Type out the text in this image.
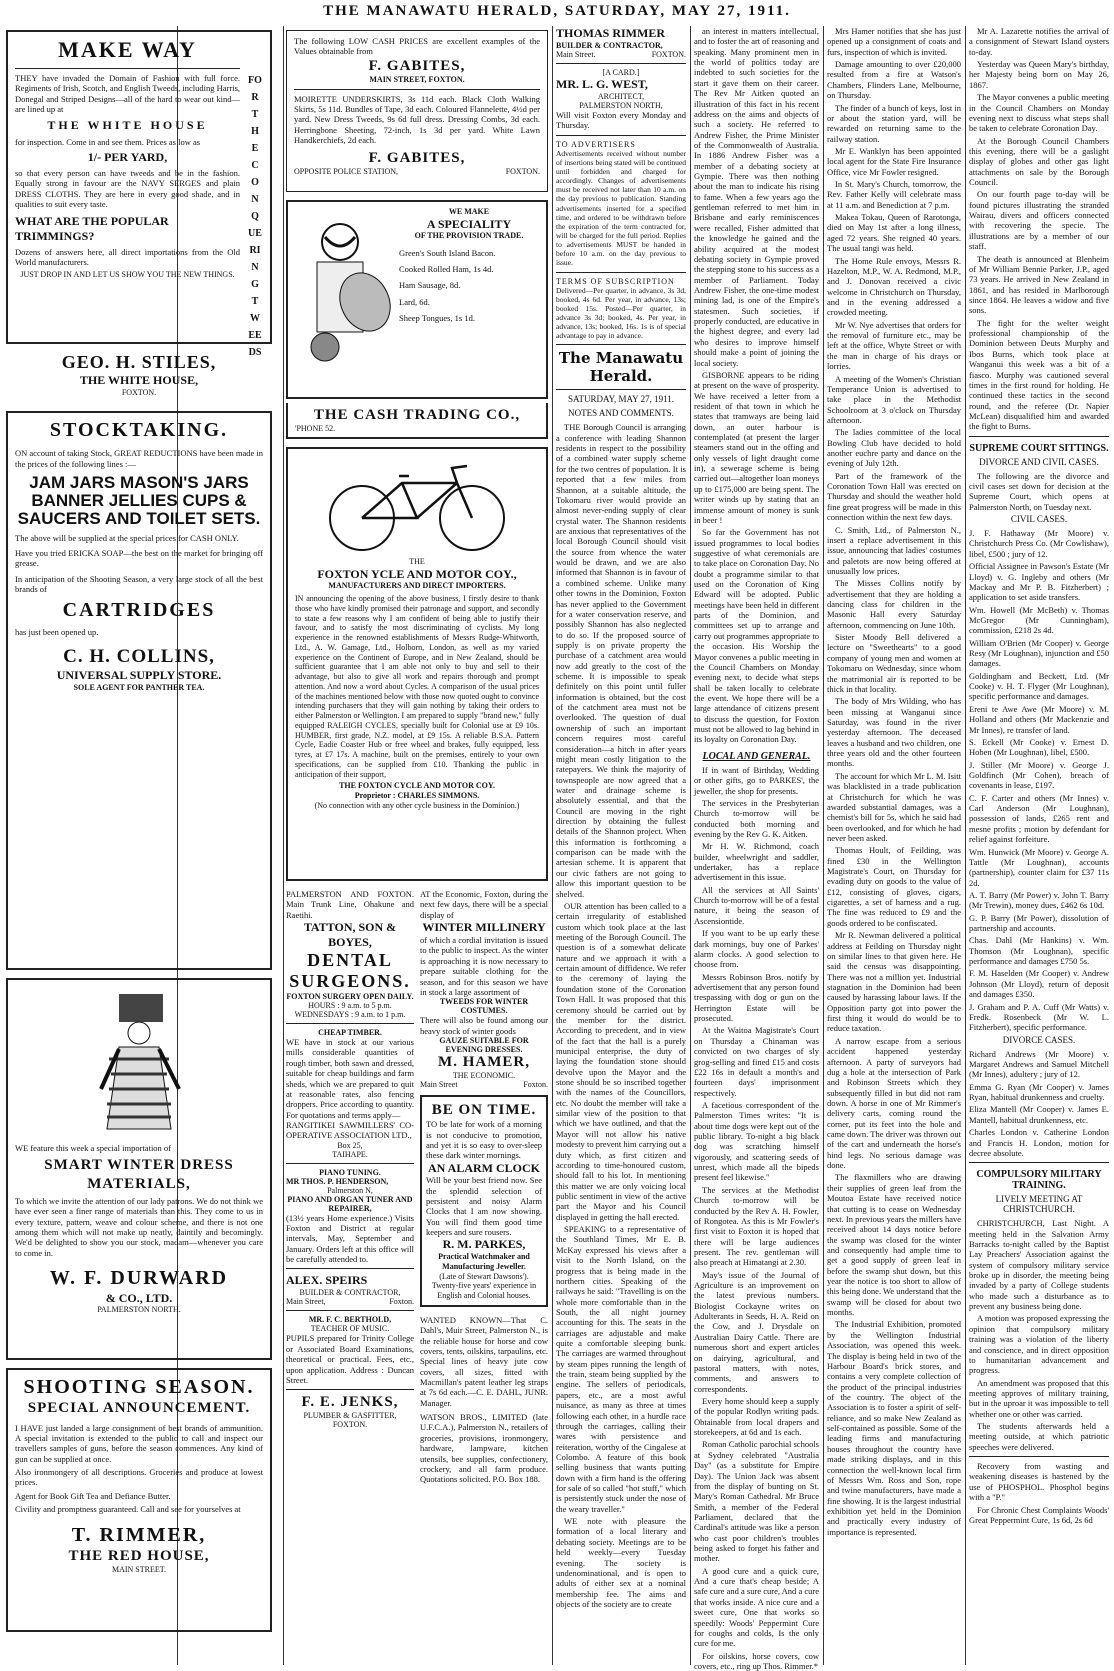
THE MANAWATU HERALD, SATURDAY, MAY 27, 1911.
MAKE WAY
THEY have invaded the Domain of Fashion with full force. Regiments of Irish, Scotch, and English Tweeds, including Harris, Donegal and Striped Designs—all of the hard to wear out kind—are lined up at
THE WHITE HOUSE
for inspection. Come in and see them. Prices as low as
1/- PER YARD,
so that every person can have tweeds and be in the fashion. Equally strong in favour are the NAVY SERGES and plain DRESS CLOTHS. They are here in every good shade, and in qualities to suit every taste.
WHAT ARE THE POPULAR TRIMMINGS?
Dozens of answers here, all direct importations from the Old World manufacturers.
JUST DROP IN AND LET US SHOW YOU THE NEW THINGS.
FOR THE CONQUERING TWEEDS
GEO. H. STILES,
THE WHITE HOUSE,
FOXTON.
STOCKTAKING.
ON account of taking Stock, GREAT REDUCTIONS have been made in the prices of the following lines :—
JAM JARS MASON'S JARS BANNER JELLIES CUPS & SAUCERS AND TOILET SETS.
The above will be supplied at the special prices for CASH ONLY.
Have you tried ERICKA SOAP—the best on the market for bringing off grease.
In anticipation of the Shooting Season, a very large stock of all the best brands of
CARTRIDGES
has just been opened up.
C. H. COLLINS,
UNIVERSAL SUPPLY STORE.
SOLE AGENT FOR PANTHER TEA.
WE feature this week a special importation of
SMART WINTER DRESS MATERIALS,
To which we invite the attention of our lady patrons. We do not think we have ever seen a finer range of materials than this. They come to us in every texture, pattern, weave and colour scheme, and there is not one among them which will not make up neatly, daintily and becomingly. We'd be delighted to show you our stock, madam—whenever you care to come in.
W. F. DURWARD
& CO., LTD.
PALMERSTON NORTH.
SHOOTING SEASON.
SPECIAL ANNOUNCEMENT.
I HAVE just landed a large consignment of best brands of ammunition. A special invitation is extended to the public to call and inspect our travellers samples of guns, before the season commences. Any kind of gun can be supplied at once.
Also ironmongery of all descriptions. Groceries and produce at lowest prices.
Agent for Book Gift Tea and Defiance Butter.
Civility and promptness guaranteed. Call and see for yourselves at
T. RIMMER,
THE RED HOUSE,
MAIN STREET.
The following LOW CASH PRICES are excellent examples of the Values obtainable from
F. GABITES,
MAIN STREET, FOXTON.
MOIRETTE UNDERSKIRTS, 3s 11d each. Black Cloth Walking Skirts, 5s 11d. Bundles of Tape, 3d each. Coloured Flannelette, 4½d per yard. New Dress Tweeds, 9s 6d full dress. Dressing Combs, 3d each. Herringbone Sheeting, 72-inch, 1s 3d per yard. White Lawn Handkerchiefs, 2d each.
F. GABITES,
OPPOSITE POLICE STATION,	FOXTON.
WE MAKE
A SPECIALITY
OF THE PROVISION TRADE.
Green's South Island Bacon.
Cooked Rolled Ham, 1s 4d.
Ham Sausage, 8d.
Lard, 6d.
Sheep Tongues, 1s 1d.
THE CASH TRADING CO.,
'PHONE 52.
THE
FOXTON YCLE AND MOTOR COY.,
MANUFACTURERS AND DIRECT IMPORTERS.
IN announcing the opening of the above business, I firstly desire to thank those who have kindly promised their patronage and support, and secondly to state a few reasons why I am confident of being able to justify their favour, and to satisfy the most discriminating of cyclists. My long experience in the renowned establishments of Messrs Rudge-Whitworth, Ltd., A. W. Gamage, Ltd., Holborn, London, as well as my varied experience on the Continent of Europe, and in New Zealand, should be sufficient guarantee that I am able not only to buy and sell to their advantage, but also to give all work and repairs thorough and prompt attention. And now a word about Cycles. A comparison of the usual prices of the machines mentioned below with those now quoted ought to convince intending purchasers that they will gain nothing by taking their orders to either Palmerston or Wellington. I am prepared to supply "brand new," fully equipped RALEIGH CYCLES, specially built for Colonial use at £9 10s. HUMBER, first grade, N.Z. model, at £9 15s. A reliable B.S.A. Pattern Cycle, Eadie Coaster Hub or free wheel and brakes, fully equipped, less tyres, at £7 17s. A machine, built on the premises, entirely to your own specifications, can be supplied from £10. Thanking the public in anticipation of their support,
THE FOXTON CYCLE AND MOTOR COY.
Proprietor : CHARLES SIMMONS.
(No connection with any other cycle business in the Dominion.)
PALMERSTON AND FOXTON. Main Trunk Line, Ohakune and Raetihi.
TATTON, SON & BOYES,
DENTAL SURGEONS.
FOXTON SURGERY OPEN DAILY.
HOURS : 9 a.m. to 5 p.m.
WEDNESDAYS : 9 a.m. to 1 p.m.
CHEAP TIMBER.
WE have in stock at our various mills considerable quantities of rough timber, both sawn and dressed, suitable for cheap buildings and farm sheds, which we are prepared to quit at reasonable rates, also fencing droppers. Price according to quantity. For quotations and terms apply—
RANGITIKEI SAWMILLERS' CO-OPERATIVE ASSOCIATION LTD.,
Box 25,
TAIHAPE.
PIANO TUNING.
MR THOS. P. HENDERSON,
Palmerston N,
PIANO AND ORGAN TUNER AND REPAIRER,
(13½ years Home experience.) Visits Foxton and District at regular intervals, May, September and January. Orders left at this office will be carefully attended to.
ALEX. SPEIRS
BUILDER & CONTRACTOR,
Main Street,	Foxton.
MR. F. C. BERTHOLD,
TEACHER OF MUSIC.
PUPILS prepared for Trinity College or Associated Board Examinations, theoretical or practical. Fees, etc., upon application. Address : Duncan Street.
F. E. JENKS,
PLUMBER & GASFITTER,
FOXTON.
AT the Economic, Foxton, during the next few days, there will be a special display of
WINTER MILLINERY
of which a cordial invitation is issued to the public to inspect. As the winter is approaching it is now necessary to prepare suitable clothing for the season, and for this season we have in stock a large assortment of
TWEEDS FOR WINTER COSTUMES.
There will also be found among our heavy stock of winter goods
GAUZE SUITABLE FOR EVENING DRESSES.
M. HAMER,
THE ECONOMIC.
Main Street	Foxton.
BE ON TIME.
TO be late for work of a morning is not conducive to promotion, and yet it is so easy to over-sleep these dark winter mornings.
AN ALARM CLOCK
Will be your best friend now. See the splendid selection of persistent and noisy Alarm Clocks that I am now showing. You will find them good time keepers and sure rousers.
R. M. PARKES,
Practical Watchmaker and Manufacturing Jeweller.
(Late of Stewart Dawsons'). Twenty-five years' experience in English and Colonial houses.
WANTED KNOWN—That C. Dahl's, Muir Street, Palmerston N., is the reliable house for horse and cow covers, tents, oilskins, tarpaulins, etc. Special lines of heavy jute cow covers, all sizes, fitted with Macmillan's patent leather leg straps at 7s 6d each.—C. E. DAHL, JUNR. Manager.
WATSON BROS., LIMITED (late U.F.C.A.), Palmerston N., retailers of groceries, provisions, ironmongery, hardware, lampware, kitchen utensils, bee supplies, confectionery, crockery, and all farm produce. Quotations solicited. P.O. Box 188.
THOMAS RIMMER
BUILDER & CONTRACTOR,
Main Street.	FOXTON.
[A CARD.]
MR. L. G. WEST,
ARCHITECT,
PALMERSTON NORTH,
Will visit Foxton every Monday and Thursday.
TO ADVERTISERS
Advertisements received without number of insertions being stated will be continued until forbidden and charged for accordingly. Changes of advertisements must be received not later than 10 a.m. on the day previous to publication. Standing advertisements inserted for a specified time, and ordered to be withdrawn before the expiration of the term contracted for, will be charged for the full period. Replies to advertisements MUST be handed in before 10 a.m. on the day previous to issue.
TERMS OF SUBSCRIPTION
Delivered—Per quarter, in advance, 3s 3d, booked, 4s 6d. Per year, in advance, 13s; booked 15s. Posted—Per quarter, in advance 3s 3d; booked, 4s. Per year, in advance, 13s; booked, 16s. 1s is of special advantage to pay in advance.
The Manawatu Herald.
SATURDAY, MAY 27, 1911.
NOTES AND COMMENTS.

THE Borough Council is arranging a conference with leading Shannon residents in respect to the possibility of a combined water supply scheme for the two centres of population. It is reported that a few miles from Shannon, at a suitable altitude, the Tokomaru river would provide an almost never-ending supply of clear crystal water. The Shannon residents are anxious that representatives of the local Borough Council should visit the source from whence the water would be drawn, and we are also informed that Shannon is in favour of a combined scheme. Unlike many other towns in the Dominion, Foxton has never applied to the Government for a water conservation reserve, and possibly Shannon has also neglected to do so. If the proposed source of supply is on private property the purchase of a catchment area would now add greatly to the cost of the scheme. It is impossible to speak definitely on this point until fuller information is obtained, but the cost of the catchment area must not be overlooked. The question of dual ownership of such an important concern requires most careful consideration—a hitch in after years might mean costly litigation to the ratepayers. We think the majority of townspeople are now agreed that a water and drainage scheme is absolutely essential, and that the Council are moving in the right direction by obtaining the fullest details of the Shannon project. When this information is forthcoming a comparison can be made with the artesian scheme. It is apparent that our civic fathers are not going to allow this important question to be shelved.

OUR attention has been called to a certain irregularity of established custom which took place at the last meeting of the Borough Council. The question is of a somewhat delicate nature and we approach it with a certain amount of diffidence. We refer to the ceremony of laying the foundation stone of the Coronation Town Hall. It was proposed that this ceremony should be carried out by the member for the district. According to precedent, and in view of the fact that the hall is a purely municipal enterprise, the duty of laying the foundation stone should devolve upon the Mayor and the stone should be so inscribed together with the names of the Councillors, etc. No doubt the member will take a similar view of the position to that which we have outlined, and that the Mayor will not allow his native modesty to prevent him carrying out a duty which, as first citizen and according to time-honoured custom, should fall to his lot. In mentioning this matter we are only voicing local public sentiment in view of the active part the Mayor and his Council displayed in getting the hall erected.

SPEAKING to a representative of the Southland Times, Mr E. B. McKay expressed his views after a visit to the North Island, on the progress that is being made in the northern cities. Speaking of the railways he said: "Travelling is on the whole more comfortable than in the South, the all night journey accounting for this. The seats in the carriages are adjustable and make quite a comfortable sleeping bunk. The carriages are warmed throughout by steam pipes running the length of the train, steam being supplied by the engine. The sellers of periodicals, papers, etc., are a most awful nuisance, as many as three at times following each other, in a hurdle race through the carriages, calling their wares with persistence and reiteration, worthy of the Cingalese at Colombo. A feature of this book selling business that wants putting down with a firm hand is the offering for sale of so called "hot stuff," which is persistently stuck under the nose of the weary traveller."

WE note with pleasure the formation of a local literary and debating society. Meetings are to be held weekly—every Tuesday evening. The society is undenominational, and is open to adults of either sex at a nominal membership fee. The aims and objects of the society are to create

an interest in matters intellectual, and to foster the art of reasoning and speaking. Many prominent men in the world of politics today are indebted to such societies for the start it gave them on their career. The Rev Mr Aitken quoted an illustration of this fact in his recent address on the aims and objects of such a society. He referred to Andrew Fisher, the Prime Minister of the Commonwealth of Australia. In 1886 Andrew Fisher was a member of a debating society at Gympie. There was then nothing about the man to indicate his rising to fame. When a few years ago the gentleman referred to met him in Brisbane and early reminiscences were recalled, Fisher admitted that the knowledge he gained and the ability acquired at the modest debating society in Gympie proved the stepping stone to his success as a member of Parliament. Today Andrew Fisher, the one-time modest mining lad, is one of the Empire's statesmen. Such societies, if properly conducted, are educative in the highest degree, and every lad who desires to improve himself should make a point of joining the local society.

GISBORNE appears to be riding at present on the wave of prosperity. We have received a letter from a resident of that town in which he states that tramways are being laid down, an outer harbour is contemplated (at present the larger steamers stand out in the offing and only vessels of light draught come in), a sewerage scheme is being carried out—altogether loan moneys up to £175,000 are being spent. The writer winds up by stating that an immense amount of money is sunk in beer !

So far the Government has not issued programmes to local bodies suggestive of what ceremonials are to take place on Coronation Day. No doubt a programme similar to that used on the Coronation of King Edward will be adopted. Public meetings have been held in different parts of the Dominion, and committees set up to arrange and carry out programmes appropriate to the occasion. His Worship the Mayor convenes a public meeting in the Council Chambers on Monday evening next, to decide what steps shall be taken locally to celebrate the event. We hope there will be a large attendance of citizens present to discuss the question, for Foxton must not be allowed to lag behind in its loyalty on Coronation Day.

LOCAL AND GENERAL.

If in want of Birthday, Wedding or other gifts, go to PARKES', the jeweller, the shop for presents.

The services in the Presbyterian Church to-morrow will be conducted both morning and evening by the Rev G. K. Aitken.

Mr H. W. Richmond, coach builder, wheelwright and saddler, undertaker, has a replace advertisement in this issue.

All the services at All Saints' Church to-morrow will be of a festal nature, it being the season of Ascensiontide.

If you want to be up early these dark mornings, buy one of Parkes' alarm clocks. A good selection to choose from.

Messrs Robinson Bros. notify by advertisement that any person found trespassing with dog or gun on the Herrington Estate will be prosecuted.

At the Waitoa Magistrate's Court on Thursday a Chinaman was convicted on two charges of sly grog-selling and fined £15 and costs £22 16s in default a month's and fourteen days' imprisonment respectively.

A facetious correspondent of the Palmerston Times writes: "It is about time dogs were kept out of the public library. To-night a big black dog was scratching himself vigorously, and scattering seeds of unrest, which made all the bipeds present feel likewise."

The services at the Methodist Church to-morrow will be conducted by the Rev A. H. Fowler, of Rongotea. As this is Mr Fowler's first visit to Foxton it is hoped that there will be large audiences present. The rev. gentleman will also preach at Himatangi at 2.30.

May's issue of the Journal of Agriculture is an improvement on the latest previous numbers. Biologist Cockayne writes on Adulterants in Seeds, H. A. Reid on the Cow, and J. Drysdale on Australian Dairy Cattle. There are numerous short and expert articles on dairying, agricultural, and pastoral matters, with notes, comments, and answers to correspondents.

Every home should keep a supply of the popular Rodlyn writing pads. Obtainable from local drapers and storekeepers, at 6d and 1s each.

Roman Catholic parochial schools at Sydney celebrated "Australia Day" (as a substitute for Empire Day). The Union Jack was absent from the display of bunting on St. Mary's Roman Cathedral. Mr Bruce Smith, a member of the Federal Parliament, declared that the Cardinal's attitude was like a person who cast poor children's troubles being asked to forget his father and mother.

A good cure and a quick cure, And a cure that's cheap beside; A safe cure and a sure cure, And a cure that works inside. A nice cure and a sweet cure, One that works so speedily: Woods' Peppermint Cure for coughs and colds, Is the only cure for me.

For oilskins, horse covers, cow covers, etc., ring up Thos. Rimmer.*

Mrs Hamer notifies that she has just opened up a consignment of coats and furs, inspection of which is invited.

Damage amounting to over £20,000 resulted from a fire at Watson's Chambers, Flinders Lane, Melbourne, on Thursday.

The finder of a bunch of keys, lost in or about the station yard, will be rewarded on returning same to the railway station.

Mr E. Wanklyn has been appointed local agent for the State Fire Insurance Office, vice Mr Fowler resigned.

In St. Mary's Church, tomorrow, the Rev. Father Kelly will celebrate mass at 11 a.m. and Benediction at 7 p.m.

Makea Tokau, Queen of Rarotonga, died on May 1st after a long illness, aged 72 years. She reigned 40 years. The usual tangi was held.

The Home Rule envoys, Messrs R. Hazelton, M.P., W. A. Redmond, M.P., and J. Donovan received a civic welcome in Christchurch on Thursday, and in the evening addressed a crowded meeting.

Mr W. Nye advertises that orders for the removal of furniture etc., may be left at the office, Whyte Street or with the man in charge of his drays or lorries.

A meeting of the Women's Christian Temperance Union is advertised to take place in the Methodist Schoolroom at 3 o'clock on Thursday afternoon.

The ladies committee of the local Bowling Club have decided to hold another euchre party and dance on the evening of July 12th.

Part of the framework of the Coronation Town Hall was erected on Thursday and should the weather hold fine great progress will be made in this connection within the next few days.

C. Smith, Ltd., of Palmerston N., insert a replace advertisement in this issue, announcing that ladies' costumes and paletots are now being offered at unusually low prices.

The Misses Collins notify by advertisement that they are holding a dancing class for children in the Masonic Hall every Saturday afternoon, commencing on June 10th.

Sister Moody Bell delivered a lecture on "Sweethearts" to a good company of young men and women at Tokomaru on Wednesday, since whom the matrimonial air is reported to be thick in that locality.

The body of Mrs Wilding, who has been missing at Wanganui since Saturday, was found in the river yesterday afternoon. The deceased leaves a husband and two children, one three years old and the other fourteen months.

The account for which Mr L. M. Isitt was blacklisted in a trade publication at Christchurch for which he was awarded substantial damages, was a chemist's bill for 5s, which he said had been overlooked, and for which he had never been asked.

Thomas Hoult, of Feilding, was fined £30 in the Wellington Magistrate's Court, on Thursday for evading duty on goods to the value of £12, consisting of gloves, cigars, cigarettes, a set of harness and a rug. The fine was reduced to £9 and the goods ordered to be confiscated.

Mr R. Newman delivered a political address at Feilding on Thursday night on similar lines to that given here. He said the census was disappointing. There was not a million yet. Industrial stagnation in the Dominion had been caused by harassing labour laws. If the Opposition party got into power the first thing it would do would be to reduce taxation.

A narrow escape from a serious accident happened yesterday afternoon. A party of surveyors had dug a hole at the intersection of Park and Robinson Streets which they subsequently filled in but did not ram down. A horse in one of Mr Rimmer's delivery carts, coming round the corner, put its feet into the hole and came down. The driver was thrown out of the cart and underneath the horse's hind legs. No serious damage was done.

The flaxmillers who are drawing their supplies of green leaf from the Moutoa Estate have received notice that cutting is to cease on Wednesday next. In previous years the millers have received about 14 days notice before the swamp was closed for the winter and consequently had ample time to get a good supply of green leaf in before the swamp shut down, but this year the notice is too short to allow of this being done. We understand that the swamp will be closed for about two months.

The Industrial Exhibition, promoted by the Wellington Industrial Association, was opened this week. The display is being held in two of the Harbour Board's brick stores, and contains a very complete collection of the product of the principal industries of the country. The object of the Association is to foster a spirit of self-reliance, and so make New Zealand as self-contained as possible. Some of the leading firms and manufacturing houses throughout the country have made striking displays, and in this connection the well-known local firm of Messrs Wm. Ross and Son, rope and twine manufacturers, have made a fine showing. It is the largest industrial exhibition yet held in the Dominion and practically every industry of importance is represented.

Mr A. Lazarette notifies the arrival of a consignment of Stewart Island oysters to-day.

Yesterday was Queen Mary's birthday, her Majesty being born on May 26, 1867.

The Mayor convenes a public meeting in the Council Chambers on Monday evening next to discuss what steps shall be taken to celebrate Coronation Day.

At the Borough Council Chambers this evening, there will be a gaslight display of globes and other gas light attachments on sale by the Borough Council.

On our fourth page to-day will be found pictures illustrating the stranded Wairau, divers and officers connected with recovering the specie. The illustrations are by a member of our staff.

The death is announced at Blenheim of Mr William Bennie Parker, J.P., aged 73 years. He arrived in New Zealand in 1861, and has resided in Marlborough since 1864. He leaves a widow and five sons.

The fight for the welter weight professional championship of the Dominion between Deuts Murphy and Ibos Burns, which took place at Wanganui this week was a bit of a fiasco. Murphy was cautioned several times in the first round for holding. He continued these tactics in the second round, and the referee (Dr. Napier McLean) disqualified him and awarded the fight to Burns.

SUPREME COURT SITTINGS.
DIVORCE AND CIVIL CASES.

The following are the divorce and civil cases set down for decision at the Supreme Court, which opens at Palmerston North, on Tuesday next.

CIVIL CASES.

J. F. Hathaway (Mr Moore) v. Christchurch Press Co. (Mr Cowlishaw), libel, £500 ; jury of 12.

Official Assignee in Pawson's Estate (Mr Lloyd) v. G. Ingleby and others (Mr Mackay and Mr P. B. Fitzherbert) ; application to set aside transfers.

Wm. Howell (Mr McBeth) v. Thomas McGregor (Mr Cunningham), commission, £218 2s 4d.

William O'Brien (Mr Cooper) v. George Resy (Mr Loughnan), injunction and £50 damages.

Goldingham and Beckett, Ltd. (Mr Cooke) v. H. T. Flyger (Mr Loughnan), specific performance and damages.

Ereni te Awe Awe (Mr Moore) v. M. Holland and others (Mr Mackenzie and Mr Innes), re transfer of land.

S. Eckell (Mr Cooke) v. Ernest D. Hoben (Mr Loughnan), libel, £500.

J. Stiller (Mr Moore) v. George J. Goldfinch (Mr Cohen), breach of covenants in lease, £197.

C. F. Carter and others (Mr Innes) v. Carl Anderson (Mr Loughnan), possession of lands, £265 rent and mesne profits ; motion by defendant for relief against forfeiture.

Wm. Hunwick (Mr Moore) v. George A. Tattle (Mr Loughnan), accounts (partnership), counter claim for £37 11s 2d.

A. T. Barry (Mr Power) v. John T. Barry (Mr Trewin), money dues, £462 6s 10d.

G. P. Barry (Mr Power), dissolution of partnership and accounts.

Chas. Dahl (Mr Hankins) v. Wm. Thomson (Mr Loughnan), specific performance and damages £750 5s.

F. M. Haselden (Mr Cooper) v. Andrew Johnson (Mr Lloyd), return of deposit and damages £350.

J. Graham and P. A. Cuff (Mr Watts) v. Fredk. Rosenbeck (Mr W. L. Fitzherbert), specific performance.

DIVORCE CASES.

Richard Andrews (Mr Moore) v. Margaret Andrews and Samuel Mitchell (Mr Innes), adultery ; jury of 12.

Emma G. Ryan (Mr Cooper) v. James Ryan, habitual drunkenness and cruelty.

Eliza Mantell (Mr Cooper) v. James E. Mantell, habitual drunkenness, etc.

Charles London v. Catherine London and Francis H. London, motion for decree absolute.

COMPULSORY MILITARY TRAINING.
LIVELY MEETING AT CHRISTCHURCH.

CHRISTCHURCH, Last Night. A meeting held in the Salvation Army Barracks to-night called by the Baptist Lay Preachers' Association against the system of compulsory military service broke up in disorder, the meeting being invaded by a party of College students who made such a disturbance as to prevent any business being done.

A motion was proposed expressing the opinion that compulsory military training was a violation of the liberty and conscience, and in direct opposition to humanitarian advancement and progress.

An amendment was proposed that this meeting approves of military training, but in the uproar it was impossible to tell whether one or other was carried.

The students afterwards held a meeting outside, at which patriotic speeches were delivered.

Recovery from wasting and weakening diseases is hastened by the use of PHOSPHOL. Phosphol begins with a "P."

For Chronic Chest Complaints Woods' Great Peppermint Cure, 1s 6d, 2s 6d
